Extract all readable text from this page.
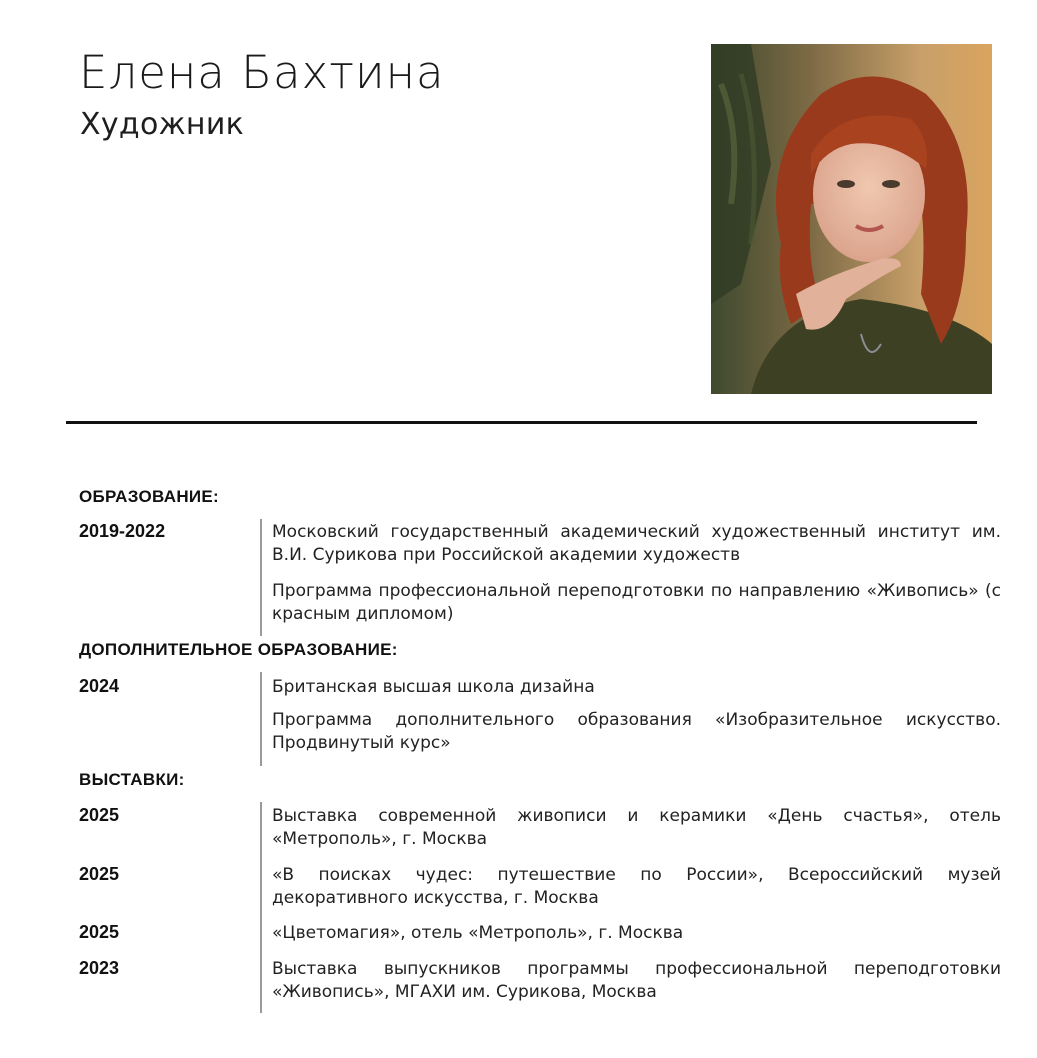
Елена Бахтина
Художник
ОБРАЗОВАНИЕ:
2019-2022	Московский государственный академический художественный институт им. В.И. Сурикова при Российской академии художеств
Программа профессиональной переподготовки по направлению «Живопись» (с красным дипломом)
ДОПОЛНИТЕЛЬНОЕ ОБРАЗОВАНИЕ:
2024	Британская высшая школа дизайна
Программа дополнительного образования «Изобразительное искусство. Продвинутый курс»
ВЫСТАВКИ:
2025	Выставка современной живописи и керамики «День счастья», отель «Метрополь», г. Москва
2025	«В поисках чудес: путешествие по России», Всероссийский музей декоративного искусства, г. Москва
2025	«Цветомагия», отель «Метрополь», г. Москва
2023	Выставка выпускников программы профессиональной переподготовки «Живопись», МГАХИ им. Сурикова, Москва
